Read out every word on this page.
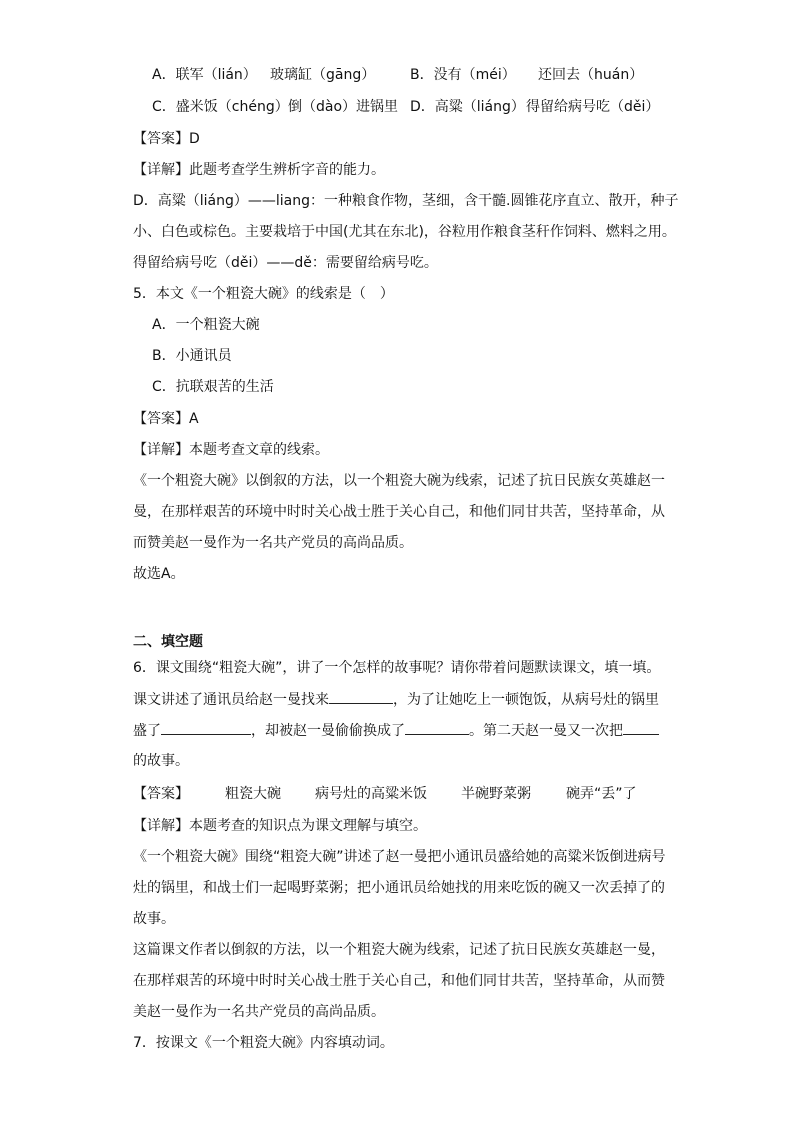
A．联军（lián） 玻璃缸（gāng） B．没有（méi） 还回去（huán）
C．盛米饭（chéng） 倒（dào）进锅里 D．高粱（liáng） 得留给病号吃（děi）
【答案】D
【详解】此题考查学生辨析字音的能力。
D．高粱（liáng）——liang：一种粮食作物，茎细，含干髓.圆锥花序直立、散开，种子
小、白色或棕色。主要栽培于中国(尤其在东北)，谷粒用作粮食茎秆作饲料、燃料之用。
得留给病号吃（děi）——dě：需要留给病号吃。
5．本文《一个粗瓷大碗》的线索是（　）
A．一个粗瓷大碗
B．小通讯员
C．抗联艰苦的生活
【答案】A
【详解】本题考查文章的线索。
《一个粗瓷大碗》以倒叙的方法，以一个粗瓷大碗为线索，记述了抗日民族女英雄赵一
曼，在那样艰苦的环境中时时关心战士胜于关心自己，和他们同甘共苦，坚持革命，从
而赞美赵一曼作为一名共产党员的高尚品质。
故选A。
二、填空题
6．课文围绕“粗瓷大碗”，讲了一个怎样的故事呢？请你带着问题默读课文，填一填。
课文讲述了通讯员给赵一曼找来	，为了让她吃上一顿饱饭，从病号灶的锅里
盛了	，却被赵一曼偷偷换成了	。第二天赵一曼又一次把
的故事。
【答案】	粗瓷大碗 病号灶的高粱米饭 半碗野菜粥	碗弄“丢”了
【详解】本题考查的知识点为课文理解与填空。
《一个粗瓷大碗》围绕“粗瓷大碗”讲述了赵一曼把小通讯员盛给她的高粱米饭倒进病号
灶的锅里，和战士们一起喝野菜粥；把小通讯员给她找的用来吃饭的碗又一次丢掉了的
故事。
这篇课文作者以倒叙的方法，以一个粗瓷大碗为线索，记述了抗日民族女英雄赵一曼，
在那样艰苦的环境中时时关心战士胜于关心自己，和他们同甘共苦，坚持革命，从而赞
美赵一曼作为一名共产党员的高尚品质。
7．按课文《一个粗瓷大碗》内容填动词。
